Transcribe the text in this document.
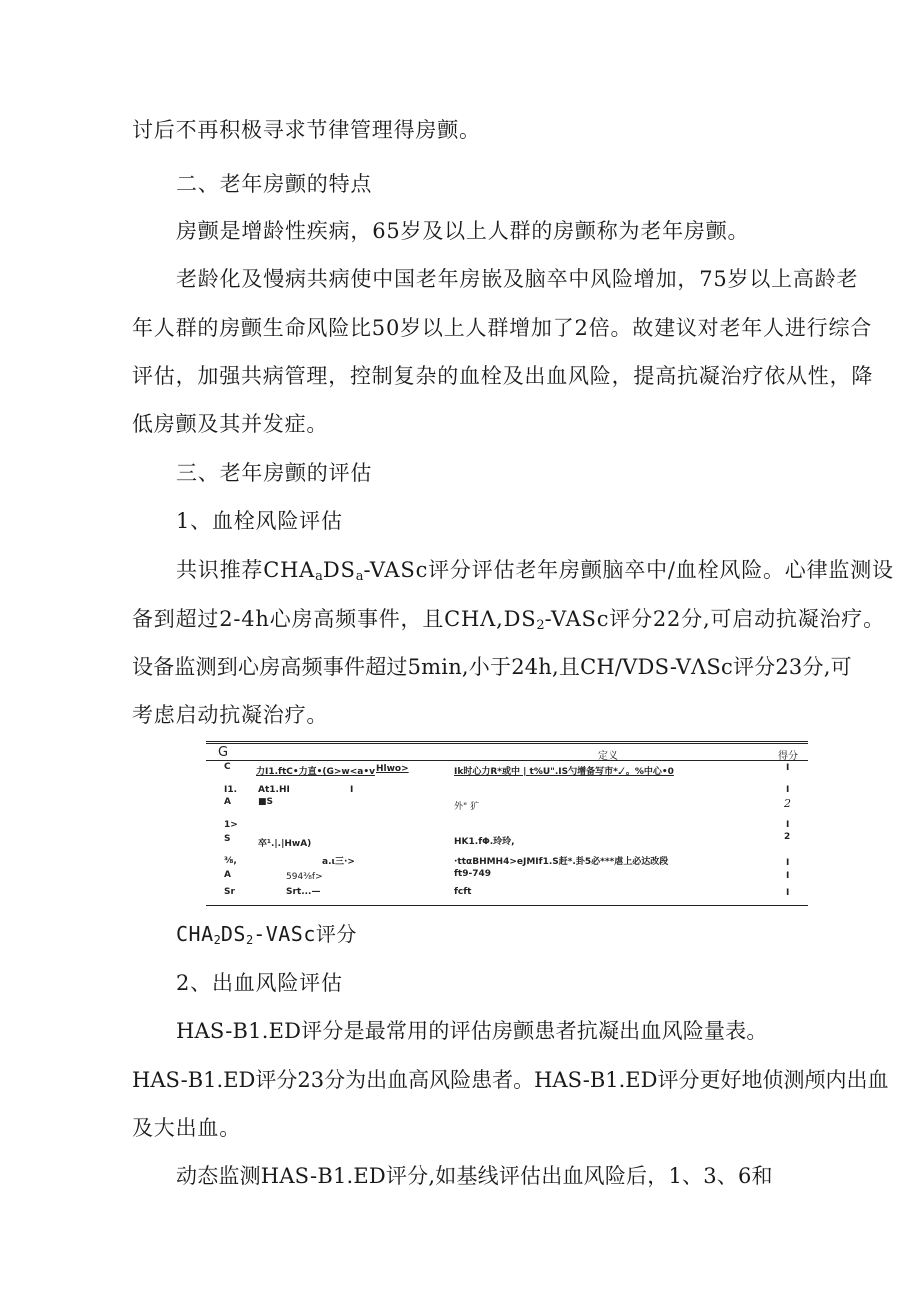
讨后不再积极寻求节律管理得房颤。

二、老年房颤的特点

房颤是增龄性疾病，65岁及以上人群的房颤称为老年房颤。

老龄化及慢病共病使中国老年房嵌及脑卒中风险增加，75岁以上高龄老

年人群的房颤生命风险比50岁以上人群增加了2倍。故建议对老年人进行综合

评估，加强共病管理，控制复杂的血栓及出血风险，提高抗凝治疗依从性，降

低房颤及其并发症。

三、老年房颤的评估

1、血栓风险评估

共识推荐$CHA_aDS_a$-VASc评分评估老年房颤脑卒中/血栓风险。心律监测设

备到超过2-4h心房高频事件，且$CH\Lambda,DS_2$-VASc评分22分,可启动抗凝治疗。

设备监测到心房高频事件超过5min,小于24h,且CH/VDS-VΛSc评分23分,可

考虑启动抗凝治疗。

G	定义	得分
C	力I1.ftC•力直•(G>w<a•v Hlwo>	Ik时心力R*或中 | t%U".IS勺增备写市*.⁄ 。%中心•0	I
I1. At1.HI	I	I
A	■S	外" 犷	2
1>	I
S	卒¹.|.|HwA)	HK1.fΦ.玲玲,	2
⅜,	a.ι三·>	·ttαBHMH4>eJMIf1.S赶*.卦5必***虐上必达改段	I
A	594⅜f>	ft9-749	I
Sr	Srt...—	fcft	I
$CHA_2DS_2$-VASc评分

2、出血风险评估

HAS-B1.ED评分是最常用的评估房颤患者抗凝出血风险量表。

HAS-B1.ED评分23分为出血高风险患者。HAS-B1.ED评分更好地侦测颅内出血

及大出血。

动态监测HAS-B1.ED评分,如基线评估出血风险后，1、3、6和
